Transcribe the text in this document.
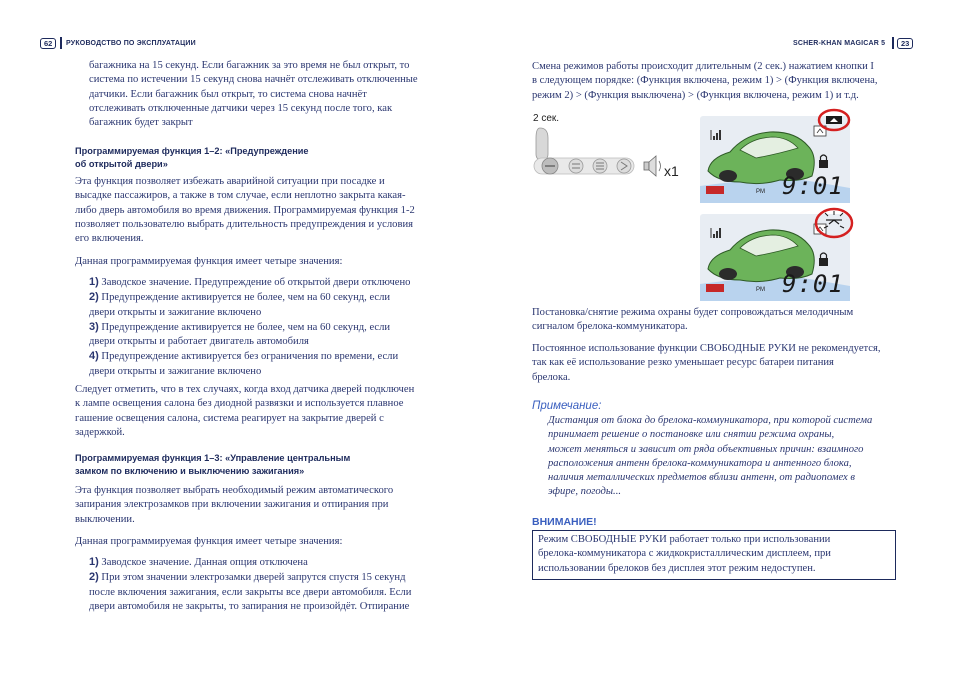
62	РУКОВОДСТВО ПО ЭКСПЛУАТАЦИИ	SCHER-KHAN MAGICAR 5	23

багажника на 15 секунд. Если багажник за это время не был открыт, то

система по истечении 15 секунд снова начнёт отслеживать отключенные

датчики. Если багажник был открыт, то система снова начнёт

отслеживать отключенные датчики через 15 секунд после того, как

багажник будет закрыт

Программируемая функция 1–2: «Предупреждение

об открытой двери»

Эта функция позволяет избежать аварийной ситуации при посадке и

высадке пассажиров, а также в том случае, если неплотно закрыта какая-

либо дверь автомобиля во время движения. Программируемая функция 1-2

позволяет пользователю выбрать длительность предупреждения и условия

его включения.

Данная программируемая функция имеет четыре значения:

1) Заводское значение. Предупреждение об открытой двери отключено

2) Предупреждение активируется не более, чем на 60 секунд, если

двери открыты и зажигание включено

3) Предупреждение активируется не более, чем на 60 секунд, если

двери открыты и работает двигатель автомобиля

4) Предупреждение активируется без ограничения по времени, если

двери открыты и зажигание включено

Следует отметить, что в тех случаях, когда вход датчика дверей подключен

к лампе освещения салона без диодной развязки и используется плавное

гашение освещения салона, система реагирует на закрытие дверей с

задержкой.

Программируемая функция 1–3: «Управление центральным

замком по включению и выключению зажигания»

Эта функция позволяет выбрать необходимый режим автоматического

запирания электрозамков при включении зажигания и отпирания при

выключении.

Данная программируемая функция имеет четыре значения:

1) Заводское значение. Данная опция отключена

2) При этом значении электрозамки дверей запрутся спустя 15 секунд

после включения зажигания, если закрыты все двери автомобиля. Если

двери автомобиля не закрыты, то запирания не произойдёт. Отпирание

Смена режимов работы происходит длительным (2 сек.) нажатием кнопки I

в следующем порядке: (Функция включена, режим 1) > (Функция включена,

режим 2) > (Функция выключена) > (Функция включена, режим 1) и т.д.

2 сек.
x1
PM 9:01
PM 9:01

Постановка/снятие режима охраны будет сопровождаться мелодичным

сигналом брелока-коммуникатора.

Постоянное использование функции СВОБОДНЫЕ РУКИ не рекомендуется,

так как её использование резко уменьшает ресурс батареи питания

брелока.

Примечание:

Дистанция от блока до брелока-коммуникатора, при которой система

принимает решение о постановке или снятии режима охраны,

может меняться и зависит от ряда объективных причин: взаимного

расположения антенн брелока-коммуникатора и антенного блока,

наличия металлических предметов вблизи антенн, от радиопомех в

эфире, погоды...

ВНИМАНИЕ!

Режим СВОБОДНЫЕ РУКИ работает только при использовании

брелока-коммуникатора с жидкокристаллическим дисплеем, при

использовании брелоков без дисплея этот режим недоступен.
